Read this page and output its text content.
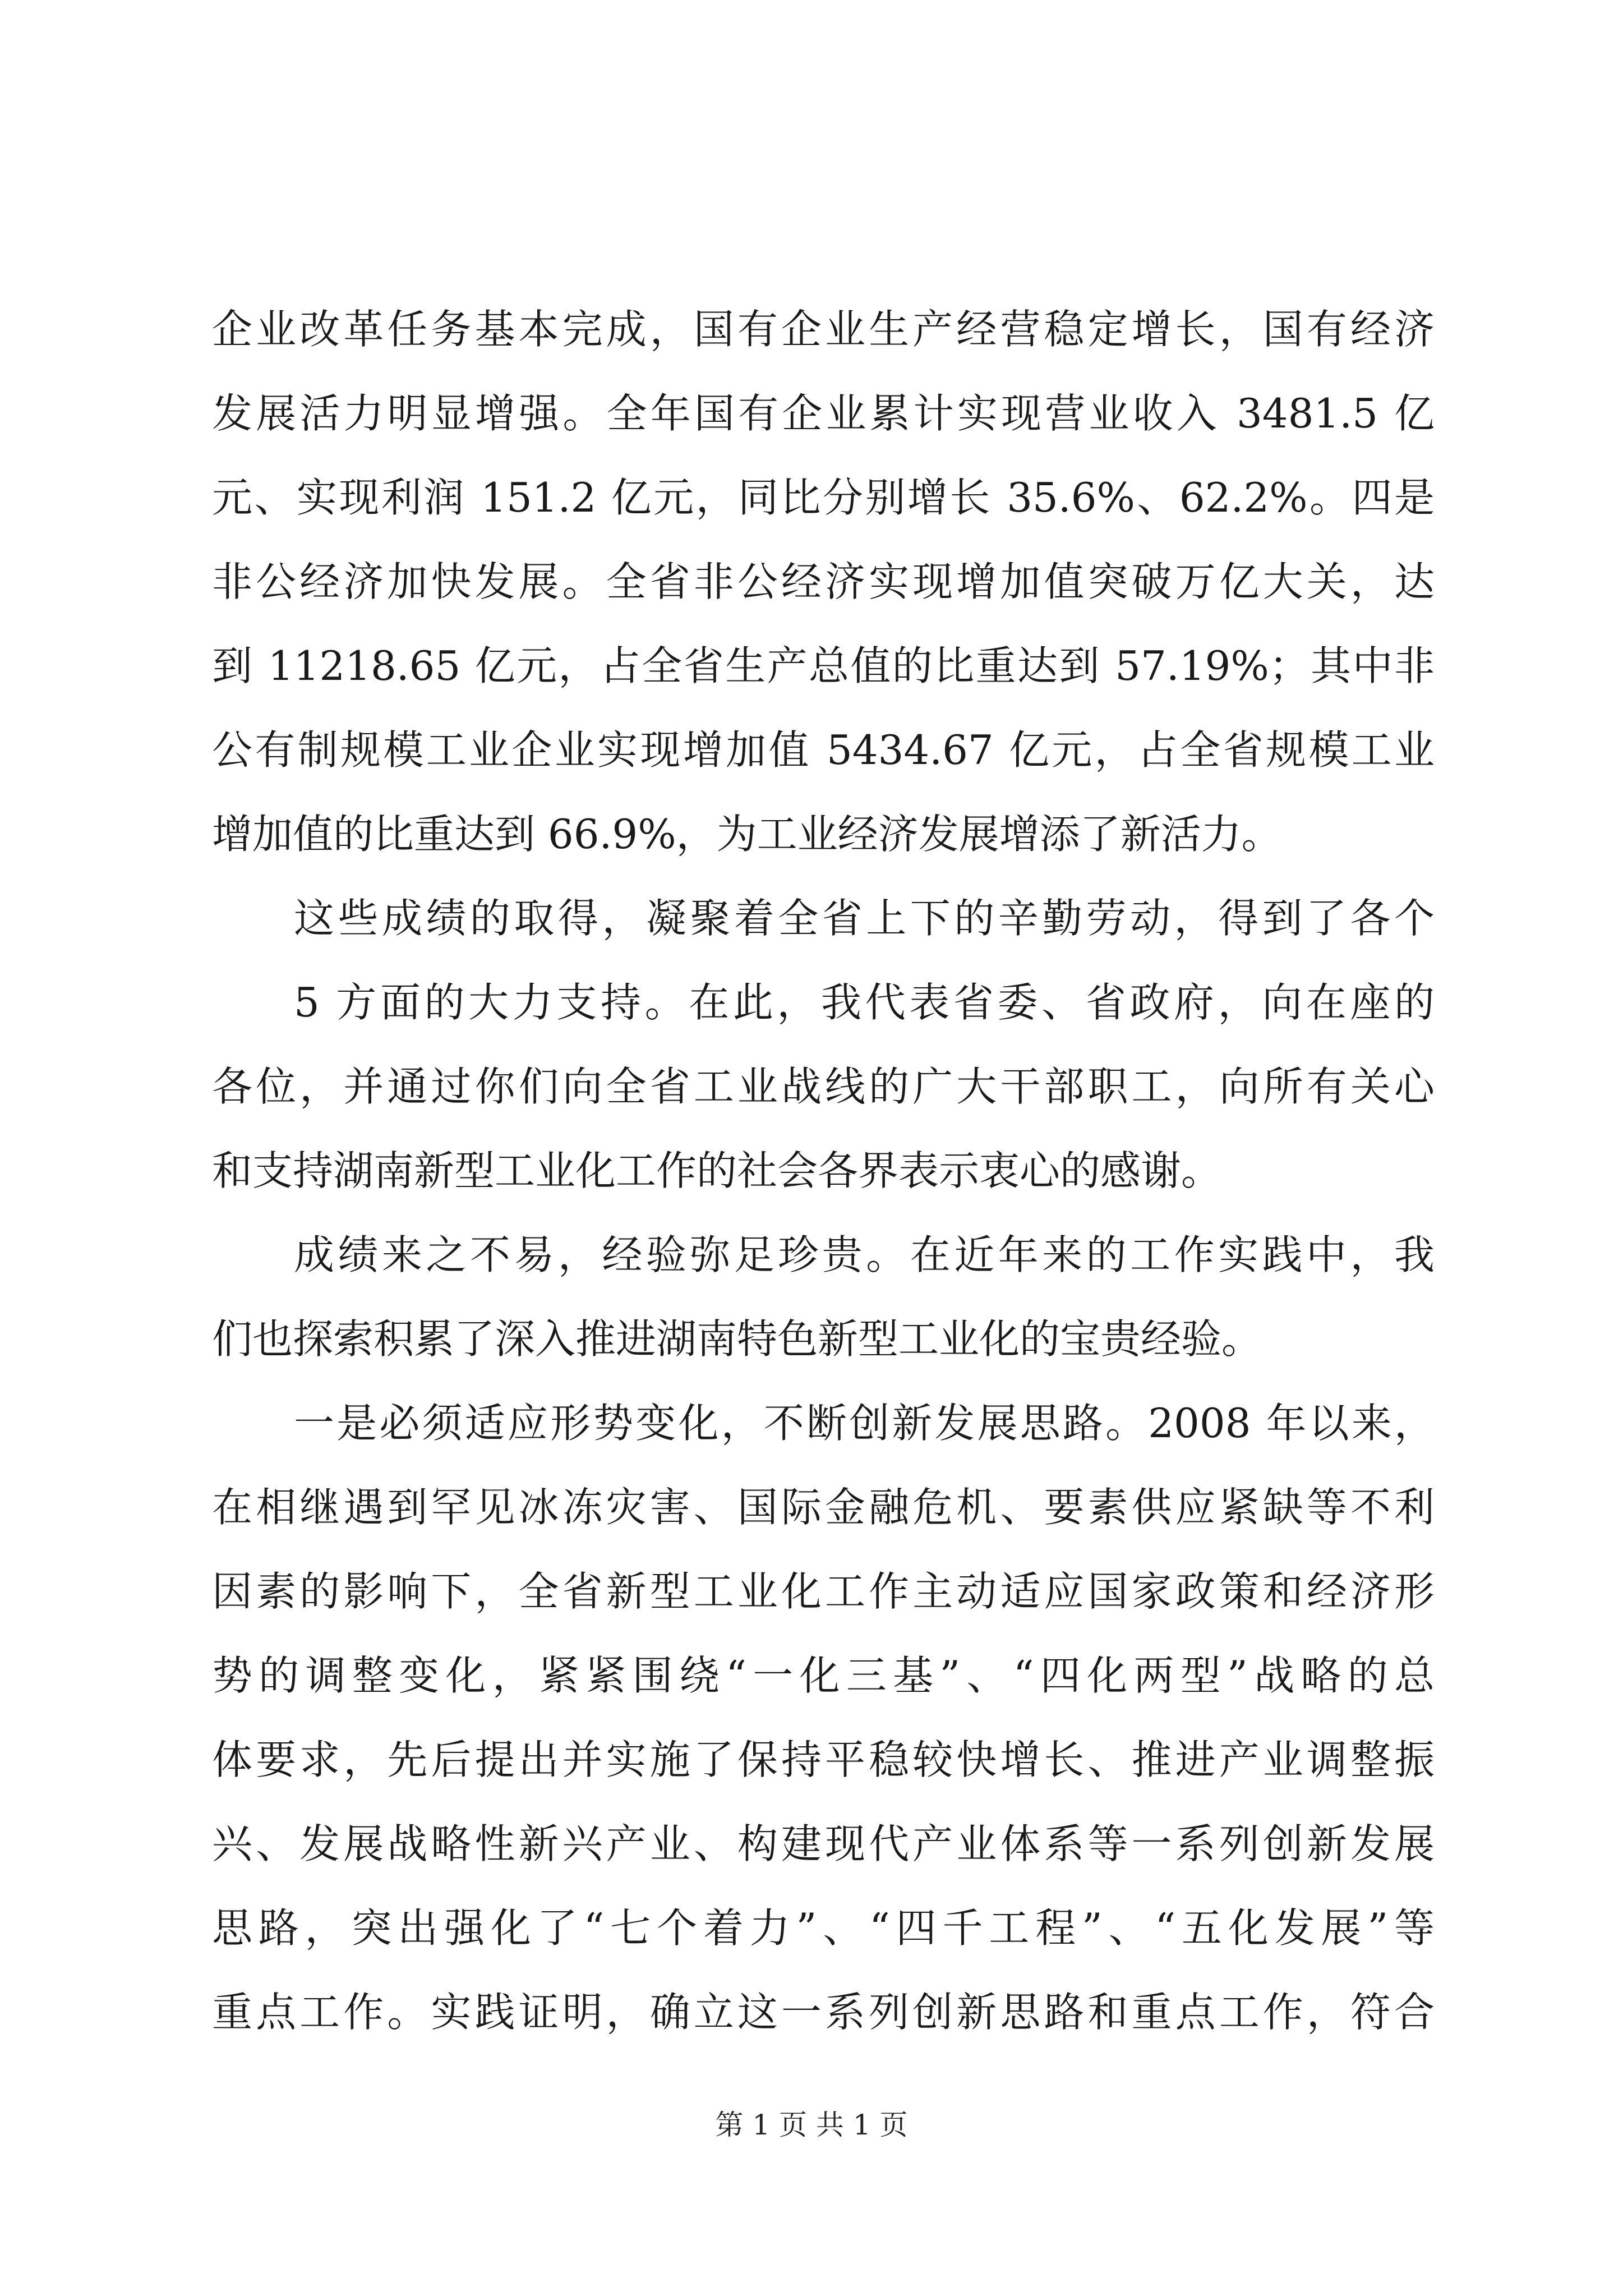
企业改革任务基本完成，国有企业生产经营稳定增长，国有经济
发展活力明显增强。全年国有企业累计实现营业收入 3481.5 亿
元、实现利润 151.2 亿元，同比分别增长 35.6%、62.2%。四是
非公经济加快发展。全省非公经济实现增加值突破万亿大关，达
到 11218.65 亿元，占全省生产总值的比重达到 57.19%；其中非
公有制规模工业企业实现增加值 5434.67 亿元，占全省规模工业
增加值的比重达到 66.9%，为工业经济发展增添了新活力。
这些成绩的取得，凝聚着全省上下的辛勤劳动，得到了各个
5 方面的大力支持。在此，我代表省委、省政府，向在座的
各位，并通过你们向全省工业战线的广大干部职工，向所有关心
和支持湖南新型工业化工作的社会各界表示衷心的感谢。
成绩来之不易，经验弥足珍贵。在近年来的工作实践中，我
们也探索积累了深入推进湖南特色新型工业化的宝贵经验。
一是必须适应形势变化，不断创新发展思路。2008 年以来，
在相继遇到罕见冰冻灾害、国际金融危机、要素供应紧缺等不利
因素的影响下，全省新型工业化工作主动适应国家政策和经济形
势的调整变化，紧紧围绕“一化三基”、“四化两型”战略的总
体要求，先后提出并实施了保持平稳较快增长、推进产业调整振
兴、发展战略性新兴产业、构建现代产业体系等一系列创新发展
思路，突出强化了“七个着力”、“四千工程”、“五化发展”等
重点工作。实践证明，确立这一系列创新思路和重点工作，符合
第 1 页 共 1 页
